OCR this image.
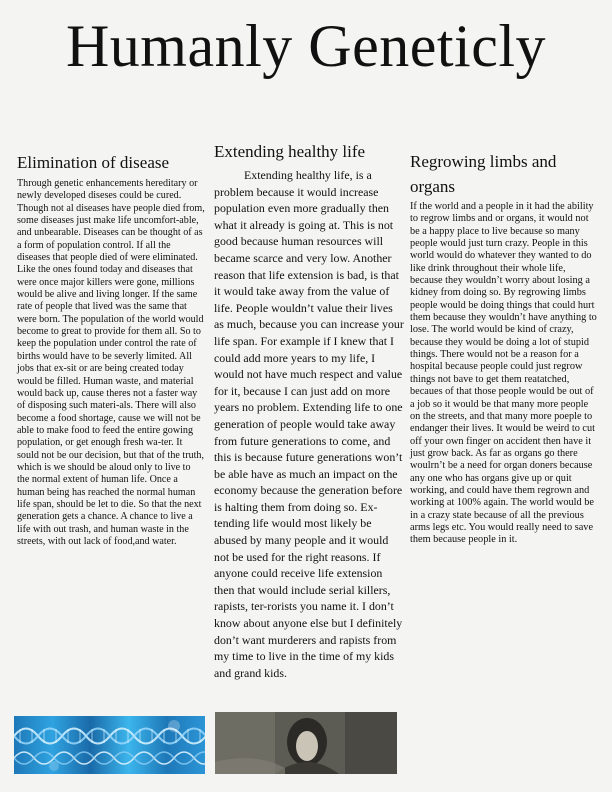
Humanly Geneticly
Elimination of disease

Through genetic enhancements hereditary or newly developed diseses could be cured. Though not al diseases have people died from, some diseases just make life uncomfort-able, and unbearable. Diseases can be thought of as a form of population control. If all the diseases that people died of were eliminated. Like the ones found today and diseases that were once major killers were gone, millions would be alive and living longer. If the same rate of people that lived was the same that were born. The population of the world would become to great to provide for them all. So to keep the population under control the rate of births would have to be severly limited. All jobs that ex-sit or are being created today would be filled. Human waste, and material would back up, cause theres not a faster way of disposing such materi-als. There will also become a food shortage, cause we will not be able to make food to feed the entire gowing population, or get enough fresh wa-ter. It sould not be our decision, but that of the truth, which is we should be aloud only to live to the normal extent of human life. Once a human being has reached the normal human life span, should be let to die. So that the next generation gets a chance. A chance to live a life with out trash, and human waste in the streets, with out lack of food,and water.

Extending healthy life

Extending healthy life, is a problem because it would increase population even more gradually then what it already is going at. This is not good because human resources will became scarce and very low. Another reason that life extension is bad, is that it would take away from the value of life. People wouldn’t value their lives as much, because you can increase your life span. For example if I knew that I could add more years to my life, I would not have much respect and value for it, because I can just add on more years no problem. Extending life to one generation of people would take away from future generations to come, and this is because future generations won’t be able have as much an impact on the economy because the generation before is halting them from doing so. Ex-tending life would most likely be abused by many people and it would not be used for the right reasons. If anyone could receive life extension then that would include serial killers, rapists, ter-rorists you name it. I don’t know about anyone else but I definitely don’t want murderers and rapists from my time to live in the time of my kids and grand kids.

Regrowing limbs and organs

If the world and a people in it had the ability to regrow limbs and or organs, it would not be a happy place to live because so many people would just turn crazy. People in this world would do whatever they wanted to do like drink throughout their whole life, because they wouldn’t worry about losing a kidney from doing so. By regrowing limbs people would be doing things that could hurt them because they wouldn’t have anything to lose. The world would be kind of crazy, because they would be doing a lot of stupid things. There would not be a reason for a hospital because people could just regrow things not bave to get them reatatched, becaues of that those people would be out of a job so it would be that many more people on the streets, and that many more poeple to endanger their lives. It would be weird to cut off your own finger on accident then have it just grow back. As far as organs go there woulrn’t be a need for organ doners because any one who has organs give up or quit working, and could have them regrown and working at 100% again. The world would be in a crazy state because of all the previous arms legs etc. You would really need to save them because people in it.
